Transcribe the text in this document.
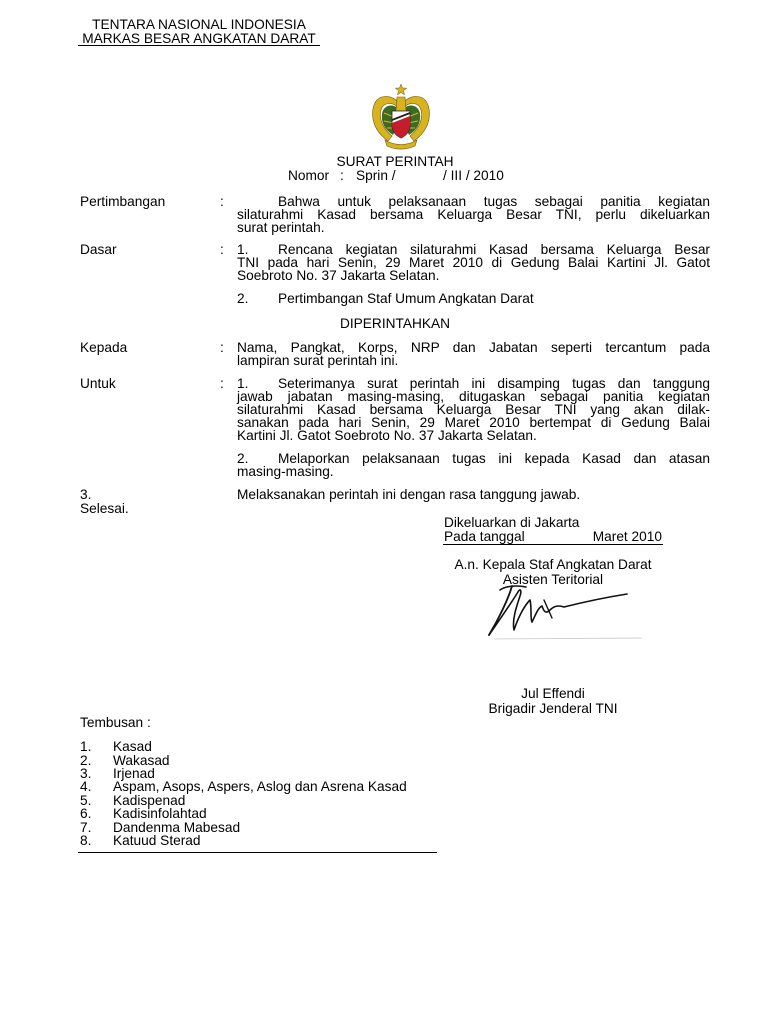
TENTARA NASIONAL INDONESIA
MARKAS BESAR ANGKATAN DARAT
SURAT PERINTAH
Nomor : Sprin /	/ III / 2010
Pertimbangan	:	Bahwa untuk pelaksanaan tugas sebagai panitia kegiatan
silaturahmi Kasad bersama Keluarga Besar TNI, perlu dikeluarkan
surat perintah.
Dasar	: 1. Rencana kegiatan silaturahmi Kasad bersama Keluarga Besar
TNI pada hari Senin, 29 Maret 2010 di Gedung Balai Kartini Jl. Gatot
Soebroto No. 37 Jakarta Selatan.
2. Pertimbangan Staf Umum Angkatan Darat
DIPERINTAHKAN
Kepada	: Nama, Pangkat, Korps, NRP dan Jabatan seperti tercantum pada
lampiran surat perintah ini.
Untuk	: 1. Seterimanya surat perintah ini disamping tugas dan tanggung
jawab jabatan masing-masing, ditugaskan sebagai panitia kegiatan
silaturahmi Kasad bersama Keluarga Besar TNI yang akan dilak-
sanakan pada hari Senin, 29 Maret 2010 bertempat di Gedung Balai
Kartini Jl. Gatot Soebroto No. 37 Jakarta Selatan.
2. Melaporkan pelaksanaan tugas ini kepada Kasad dan atasan
masing-masing.
3.	Melaksanakan perintah ini dengan rasa tanggung jawab.
Selesai.
Dikeluarkan di Jakarta
Pada tanggal	Maret 2010
A.n. Kepala Staf Angkatan Darat
Asisten Teritorial
Jul Effendi
Brigadir Jenderal TNI
Tembusan :
1. Kasad
2. Wakasad
3. Irjenad
4. Aspam, Asops, Aspers, Aslog dan Asrena Kasad
5. Kadispenad
6. Kadisinfolahtad
7. Dandenma Mabesad
8. Katuud Sterad
